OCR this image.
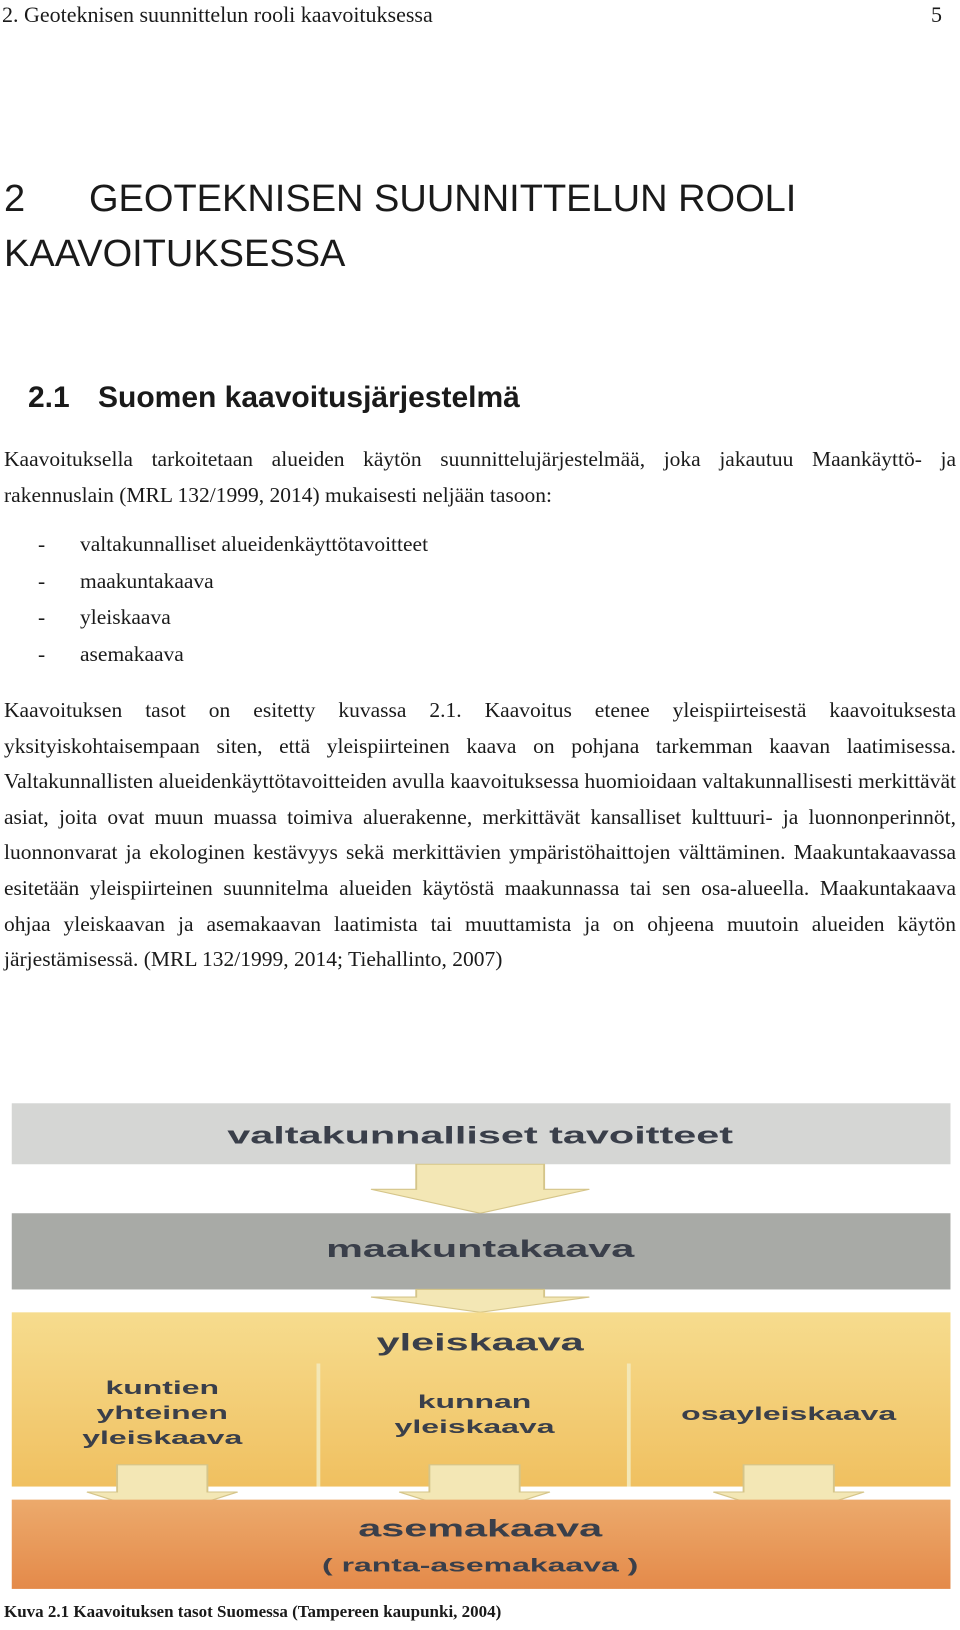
2. Geoteknisen suunnittelun rooli kaavoituksessa	5
2 GEOTEKNISEN SUUNNITTELUN ROOLI KAAVOITUKSESSA
2.1 Suomen kaavoitusjärjestelmä

Kaavoituksella tarkoitetaan alueiden käytön suunnittelujärjestelmää, joka jakautuu Maankäyttö- ja rakennuslain (MRL 132/1999, 2014) mukaisesti neljään tasoon:

- valtakunnalliset alueidenkäyttötavoitteet
- maakuntakaava
- yleiskaava
- asemakaava

Kaavoituksen tasot on esitetty kuvassa 2.1. Kaavoitus etenee yleispiirteisestä kaavoituksesta yksityiskohtaisempaan siten, että yleispiirteinen kaava on pohjana tarkemman kaavan laatimisessa. Valtakunnallisten alueidenkäyttötavoitteiden avulla kaavoituksessa huomioidaan valtakunnallisesti merkittävät asiat, joita ovat muun muassa toimiva aluerakenne, merkittävät kansalliset kulttuuri- ja luonnonperinnöt, luonnonvarat ja ekologinen kestävyys sekä merkittävien ympäristöhaittojen välttäminen. Maakuntakaavassa esitetään yleispiirteinen suunnitelma alueiden käytöstä maakunnassa tai sen osa-alueella. Maakuntakaava ohjaa yleiskaavan ja asemakaavan laatimista tai muuttamista ja on ohjeena muutoin alueiden käytön järjestämisessä. (MRL 132/1999, 2014; Tiehallinto, 2007)

valtakunnalliset tavoitteet
maakuntakaava
yleiskaava
kuntien
yhteinen
yleiskaava
kunnan
yleiskaava
osayleiskaava
asemakaava
( ranta-asemakaava )
Kuva 2.1 Kaavoituksen tasot Suomessa (Tampereen kaupunki, 2004)
